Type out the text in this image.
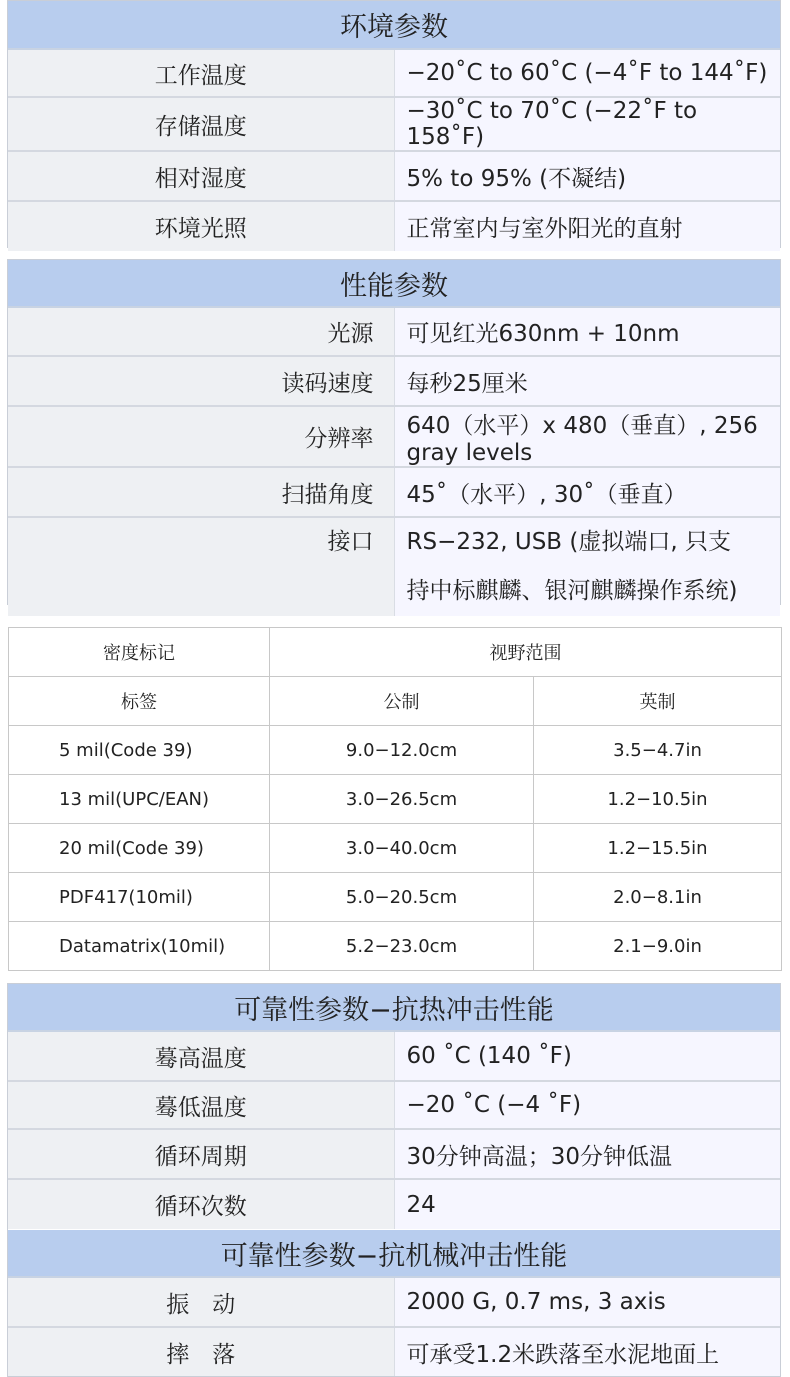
环境参数	
工作温度	−20˚C to 60˚C (−4˚F to 144˚F)
存储温度	−30˚C to 70˚C (−22˚F to 158˚F)
相对湿度	5% to 95% (不凝结)
环境光照	正常室内与室外阳光的直射
性能参数	
光源	可见红光630nm + 10nm
读码速度	每秒25厘米
分辨率	640（水平）x 480（垂直）, 256 gray levels
扫描角度	45˚（水平）, 30˚（垂直）
接口	RS−232, USB (虚拟端口, 只支持中标麒麟、银河麒麟操作系统)
密度标记	视野范围	
标签	公制	英制
5 mil(Code 39)	9.0−12.0cm	3.5−4.7in
13 mil(UPC/EAN)	3.0−26.5cm	1.2−10.5in
20 mil(Code 39)	3.0−40.0cm	1.2−15.5in
PDF417(10mil)	5.0−20.5cm	2.0−8.1in
Datamatrix(10mil)	5.2−23.0cm	2.1−9.0in
可靠性参数−抗热冲击性能	
蓦高温度	60 ˚C (140 ˚F)
蓦低温度	−20 ˚C (−4 ˚F)
循环周期	30分钟高温；30分钟低温
循环次数	24
可靠性参数−抗机械冲击性能	
振　动	2000 G, 0.7 ms, 3 axis
摔　落	可承受1.2米跌落至水泥地面上
